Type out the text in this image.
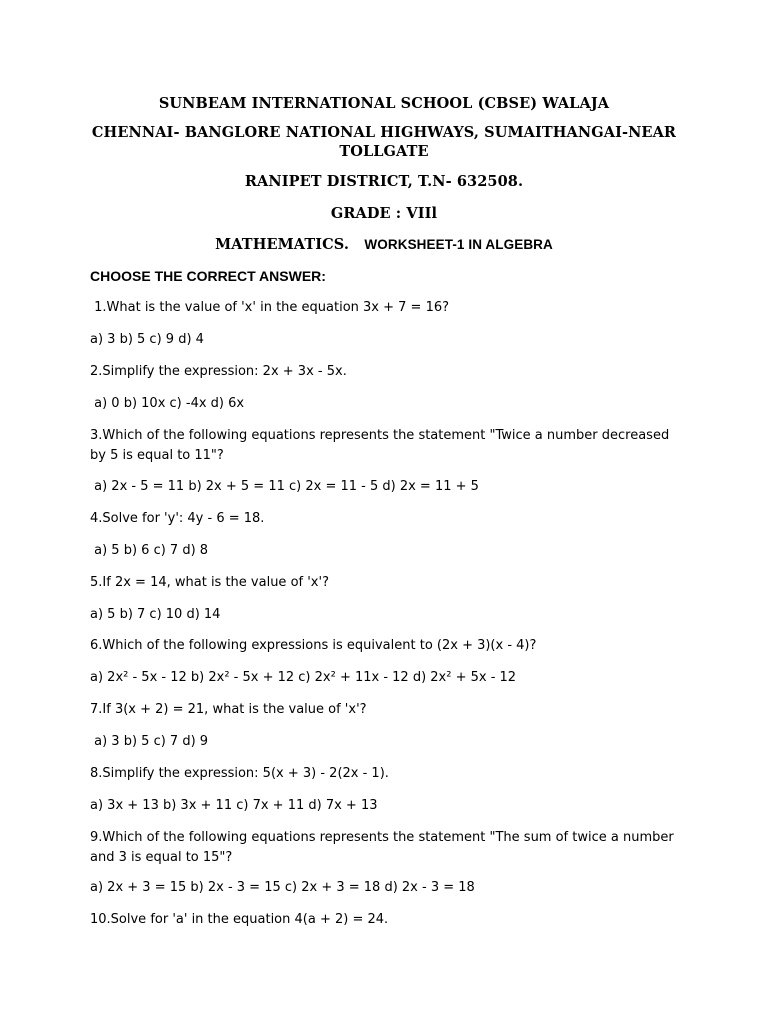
SUNBEAM INTERNATIONAL SCHOOL (CBSE) WALAJA
CHENNAI- BANGLORE NATIONAL HIGHWAYS, SUMAITHANGAI-NEAR TOLLGATE
RANIPET DISTRICT, T.N- 632508.
GRADE : VIIl
MATHEMATICS. WORKSHEET-1 IN ALGEBRA
CHOOSE THE CORRECT ANSWER:
1.What is the value of 'x' in the equation 3x + 7 = 16?
a) 3 b) 5 c) 9 d) 4
2.Simplify the expression: 2x + 3x - 5x.
a) 0 b) 10x c) -4x d) 6x
3.Which of the following equations represents the statement "Twice a number decreased by 5 is equal to 11"?
a) 2x - 5 = 11 b) 2x + 5 = 11 c) 2x = 11 - 5 d) 2x = 11 + 5
4.Solve for 'y': 4y - 6 = 18.
a) 5 b) 6 c) 7 d) 8
5.If 2x = 14, what is the value of 'x'?
a) 5 b) 7 c) 10 d) 14
6.Which of the following expressions is equivalent to (2x + 3)(x - 4)?
a) 2x² - 5x - 12 b) 2x² - 5x + 12 c) 2x² + 11x - 12 d) 2x² + 5x - 12
7.If 3(x + 2) = 21, what is the value of 'x'?
a) 3 b) 5 c) 7 d) 9
8.Simplify the expression: 5(x + 3) - 2(2x - 1).
a) 3x + 13 b) 3x + 11 c) 7x + 11 d) 7x + 13
9.Which of the following equations represents the statement "The sum of twice a number and 3 is equal to 15"?
a) 2x + 3 = 15 b) 2x - 3 = 15 c) 2x + 3 = 18 d) 2x - 3 = 18
10.Solve for 'a' in the equation 4(a + 2) = 24.
